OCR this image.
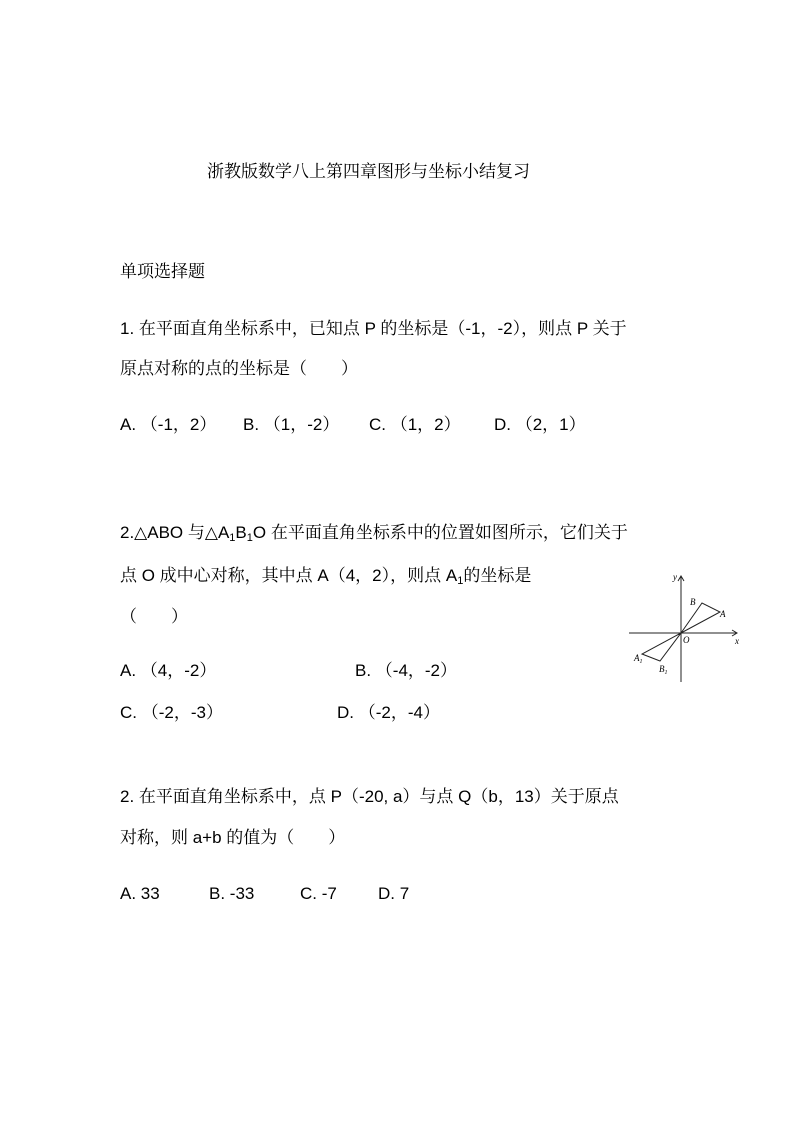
浙教版数学八上第四章图形与坐标小结复习
单项选择题
1. 在平面直角坐标系中，已知点 P 的坐标是（-1，-2），则点 P 关于
原点对称的点的坐标是（　　）
A. （-1，2） B. （1，-2） C. （1，2） D. （2，1）
2.△ABO 与$\triangle A_1B_1O$ 在平面直角坐标系中的位置如图所示，它们关于
点 O 成中心对称，其中点 A（4，2），则点 $A_1$的坐标是
（　　）
A. （4，-2）	B. （-4，-2）
C. （-2，-3）	D. （-2，-4）
y
x
O
B
A
$A_1$
$B_1$
2. 在平面直角坐标系中，点 P（-20, a）与点 Q（b，13）关于原点
对称，则 a+b 的值为（　　）
A. 33	B. -33	C. -7 D. 7
